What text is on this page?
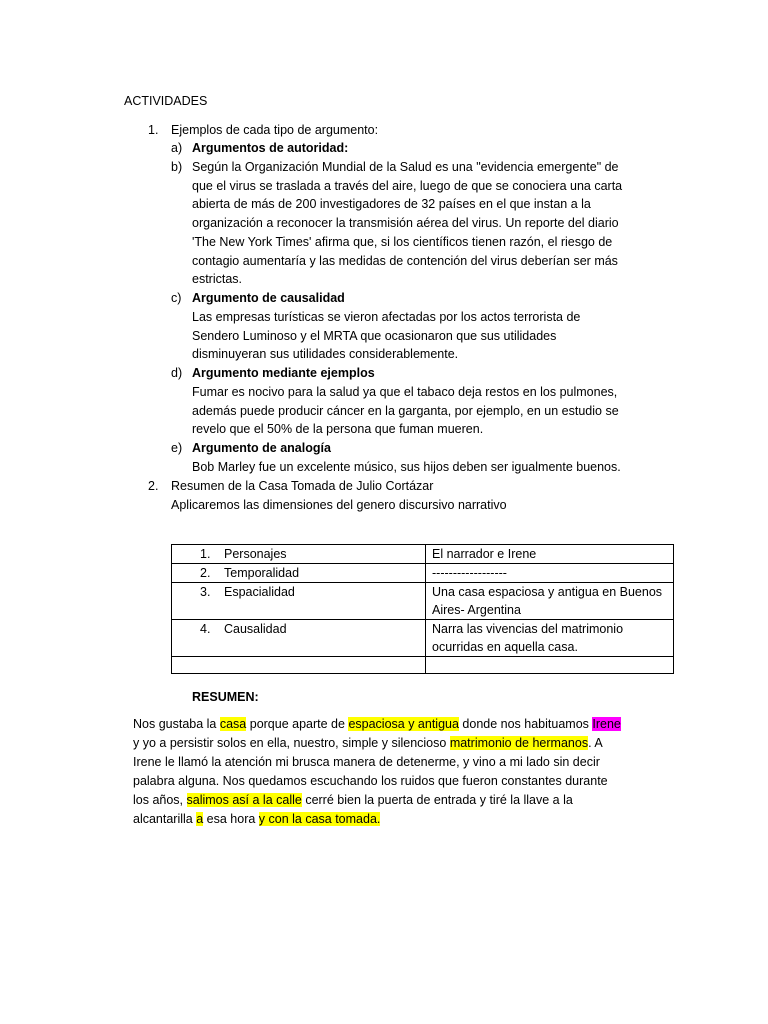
ACTIVIDADES
1. Ejemplos de cada tipo de argumento:
a) Argumentos de autoridad:
b) Según la Organización Mundial de la Salud es una "evidencia emergente" de
que el virus se traslada a través del aire, luego de que se conociera una carta
abierta de más de 200 investigadores de 32 países en el que instan a la
organización a reconocer la transmisión aérea del virus. Un reporte del diario
'The New York Times' afirma que, si los científicos tienen razón, el riesgo de
contagio aumentaría y las medidas de contención del virus deberían ser más
estrictas.
c) Argumento de causalidad
Las empresas turísticas se vieron afectadas por los actos terrorista de
Sendero Luminoso y el MRTA que ocasionaron que sus utilidades
disminuyeran sus utilidades considerablemente.
d) Argumento mediante ejemplos
Fumar es nocivo para la salud ya que el tabaco deja restos en los pulmones,
además puede producir cáncer en la garganta, por ejemplo, en un estudio se
revelo que el 50% de la persona que fuman mueren.
e) Argumento de analogía
Bob Marley fue un excelente músico, sus hijos deben ser igualmente buenos.
2. Resumen de la Casa Tomada de Julio Cortázar
Aplicaremos las dimensiones del genero discursivo narrativo
1. Personajes	El narrador e Irene
2. Temporalidad	------------------
3. Espacialidad	Una casa espaciosa y antigua en Buenos
Aires- Argentina

4. Causalidad	Narra las vivencias del matrimonio
ocurridas en aquella casa.

RESUMEN:
Nos gustaba la casa porque aparte de espaciosa y antigua donde nos habituamos Irene
y yo a persistir solos en ella, nuestro, simple y silencioso matrimonio de hermanos. A
Irene le llamó la atención mi brusca manera de detenerme, y vino a mi lado sin decir
palabra alguna. Nos quedamos escuchando los ruidos que fueron constantes durante
los años, salimos así a la calle cerré bien la puerta de entrada y tiré la llave a la
alcantarilla a esa hora y con la casa tomada.
